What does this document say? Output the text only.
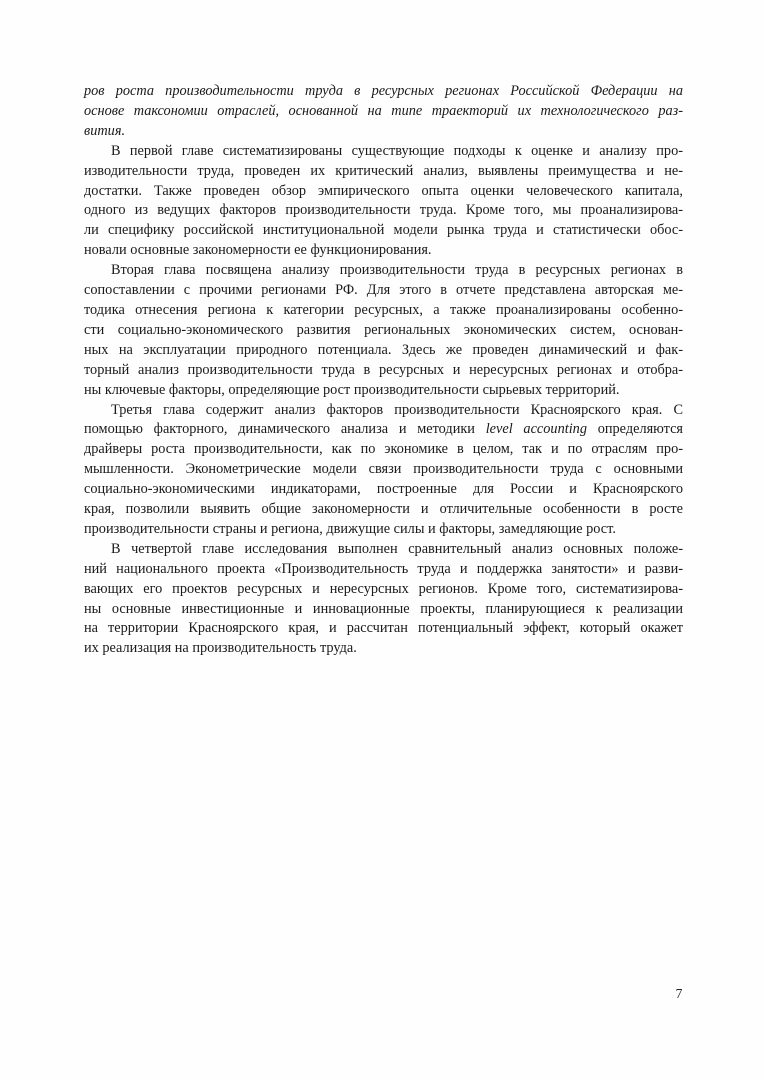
ров роста производительности труда в ресурсных регионах Российской Федерации на
основе таксономии отраслей, основанной на типе траекторий их технологического раз-
вития.
В первой главе систематизированы существующие подходы к оценке и анализу про-
изводительности труда, проведен их критический анализ, выявлены преимущества и не-
достатки. Также проведен обзор эмпирического опыта оценки человеческого капитала,
одного из ведущих факторов производительности труда. Кроме того, мы проанализирова-
ли специфику российской институциональной модели рынка труда и статистически обос-
новали основные закономерности ее функционирования.
Вторая глава посвящена анализу производительности труда в ресурсных регионах в
сопоставлении с прочими регионами РФ. Для этого в отчете представлена авторская ме-
тодика отнесения региона к категории ресурсных, а также проанализированы особенно-
сти социально-экономического развития региональных экономических систем, основан-
ных на эксплуатации природного потенциала. Здесь же проведен динамический и фак-
торный анализ производительности труда в ресурсных и нересурсных регионах и отобра-
ны ключевые факторы, определяющие рост производительности сырьевых территорий.
Третья глава содержит анализ факторов производительности Красноярского края. С
помощью факторного, динамического анализа и методики level accounting определяются
драйверы роста производительности, как по экономике в целом, так и по отраслям про-
мышленности. Эконометрические модели связи производительности труда с основными
социально-экономическими индикаторами, построенные для России и Красноярского
края, позволили выявить общие закономерности и отличительные особенности в росте
производительности страны и региона, движущие силы и факторы, замедляющие рост.
В четвертой главе исследования выполнен сравнительный анализ основных положе-
ний национального проекта «Производительность труда и поддержка занятости» и разви-
вающих его проектов ресурсных и нересурсных регионов. Кроме того, систематизирова-
ны основные инвестиционные и инновационные проекты, планирующиеся к реализации
на территории Красноярского края, и рассчитан потенциальный эффект, который окажет
их реализация на производительность труда.
7
